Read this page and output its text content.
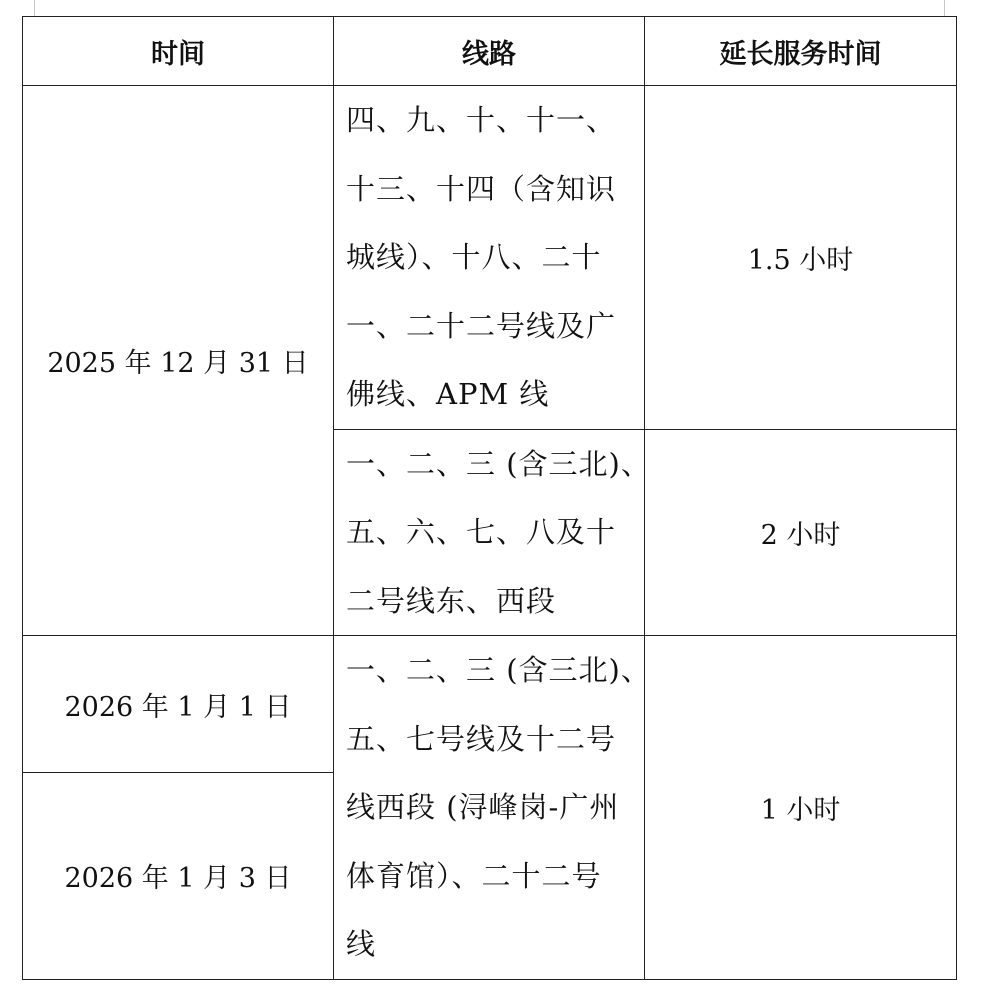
时间	线路	延长服务时间
2025 年 12 月 31 日	四、九、十、十一、
十三、十四（含知识
城线）、十八、二十
一、二十二号线及广
佛线、APM 线	1.5 小时

	一、二、三 (含三北)、
五、六、七、八及十
二号线东、西段	2 小时
2026 年 1 月 1 日	一、二、三 (含三北)、
五、七号线及十二号
线西段 (浔峰岗-广州
体育馆）、二十二号
线	1 小时
2026 年 1 月 3 日		
